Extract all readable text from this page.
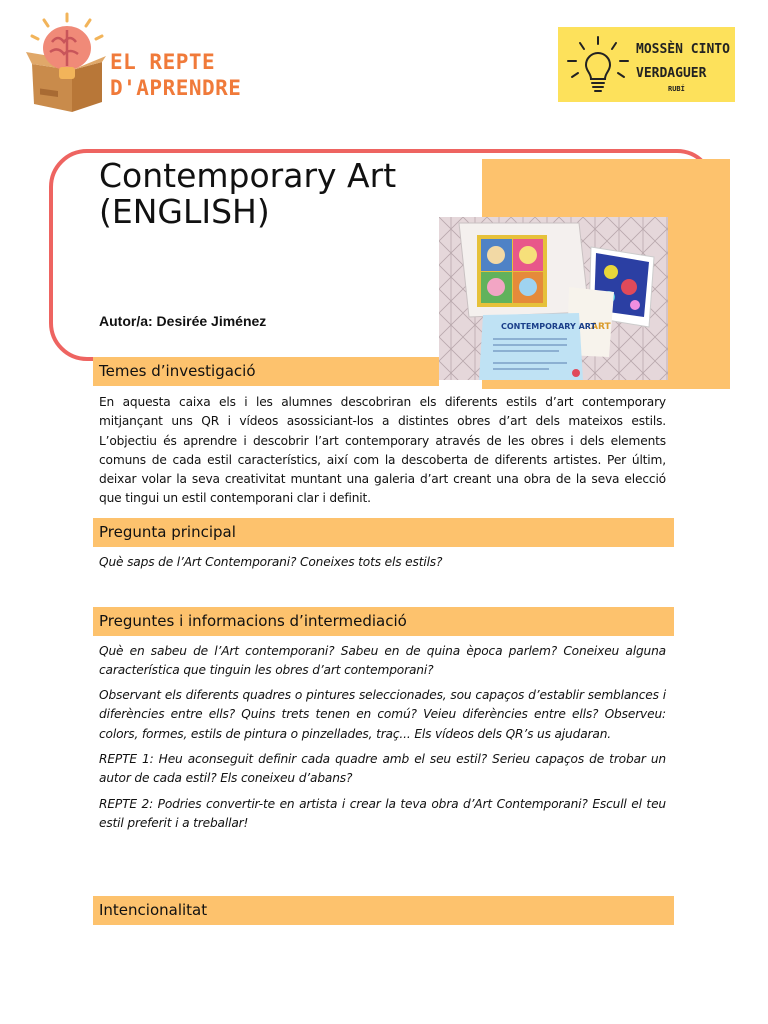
EL REPTE
D'APRENDRE
MOSSÈN CINTO
VERDAGUER
RUBÍ
ART
CONTEMPORARY ART
Contemporary Art (ENGLISH)
Autor/a: Desirée Jiménez
Temes d’investigació

En aquesta caixa els i les alumnes descobriran els diferents estils d’art contemporary mitjançant uns QR i vídeos asossiciant-los a distintes obres d’art dels mateixos estils. L’objectiu és aprendre i descobrir l’art contemporary através de les obres i dels elements comuns de cada estil característics, així com la descoberta de diferents artistes. Per últim, deixar volar la seva creativitat muntant una galeria d’art creant una obra de la seva elecció que tingui un estil contemporani clar i definit.

Pregunta principal

Què saps de l’Art Contemporani? Coneixes tots els estils?

Preguntes i informacions d’intermediació

Què en sabeu de l’Art contemporani? Sabeu en de quina època parlem? Coneixeu alguna característica que tinguin les obres d’art contemporani?

Observant els diferents quadres o pintures seleccionades, sou capaços d’establir semblances i diferències entre ells? Quins trets tenen en comú? Veieu diferències entre ells? Observeu: colors, formes, estils de pintura o pinzellades, traç... Els vídeos dels QR’s us ajudaran.

REPTE 1: Heu aconseguit definir cada quadre amb el seu estil? Serieu capaços de trobar un autor de cada estil? Els coneixeu d’abans?

REPTE 2: Podries convertir-te en artista i crear la teva obra d’Art Contemporani? Escull el teu estil preferit i a treballar!

Intencionalitat
